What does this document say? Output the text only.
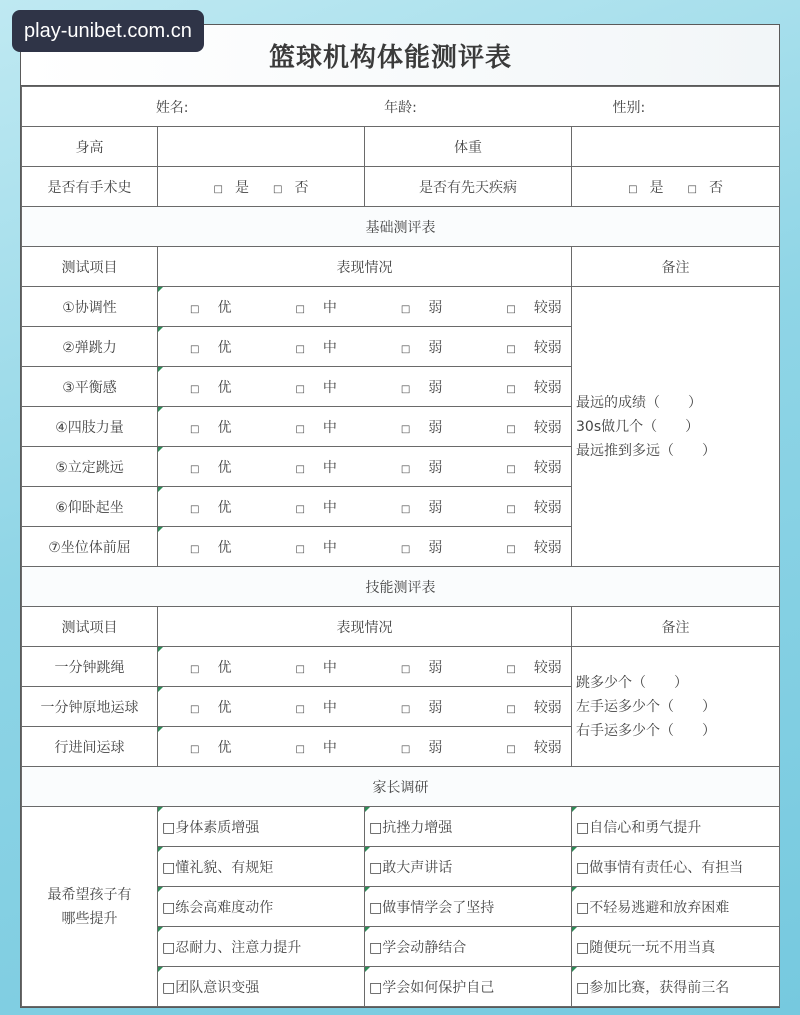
篮球机构体能测评表
姓名: 年龄: 性别:			

身高		体重	
是否有手术史	□ 是 □ 否	是否有先天疾病	□ 是 □ 否
基础测评表			
测试项目	表现情况		备注
①协调性	□ 优 □ 中 □ 弱 □ 较弱		最远的成绩（　　）
30s做几个（　　）
最远推到多远（　　）

②弹跳力	□ 优 □ 中 □ 弱 □ 较弱		
③平衡感	□ 优 □ 中 □ 弱 □ 较弱		
④四肢力量	□ 优 □ 中 □ 弱 □ 较弱		
⑤立定跳远	□ 优 □ 中 □ 弱 □ 较弱		
⑥仰卧起坐	□ 优 □ 中 □ 弱 □ 较弱		
⑦坐位体前屈	□ 优 □ 中 □ 弱 □ 较弱		
技能测评表			
测试项目	表现情况		备注
一分钟跳绳	□ 优 □ 中 □ 弱 □ 较弱		跳多少个（　　）
左手运多少个（　　）
右手运多少个（　　）

一分钟原地运球	□ 优 □ 中 □ 弱 □ 较弱		
行进间运球	□ 优 □ 中 □ 弱 □ 较弱		
家长调研			
最希望孩子有哪些提升	□身体素质增强	□抗挫力增强	□自信心和勇气提升
	□懂礼貌、有规矩	□敢大声讲话	□做事情有责任心、有担当
	□练会高难度动作	□做事情学会了坚持	□不轻易逃避和放弃困难
	□忍耐力、注意力提升	□学会动静结合	□随便玩一玩不用当真
	□团队意识变强	□学会如何保护自己	□参加比赛，获得前三名
play-unibet.com.cn
